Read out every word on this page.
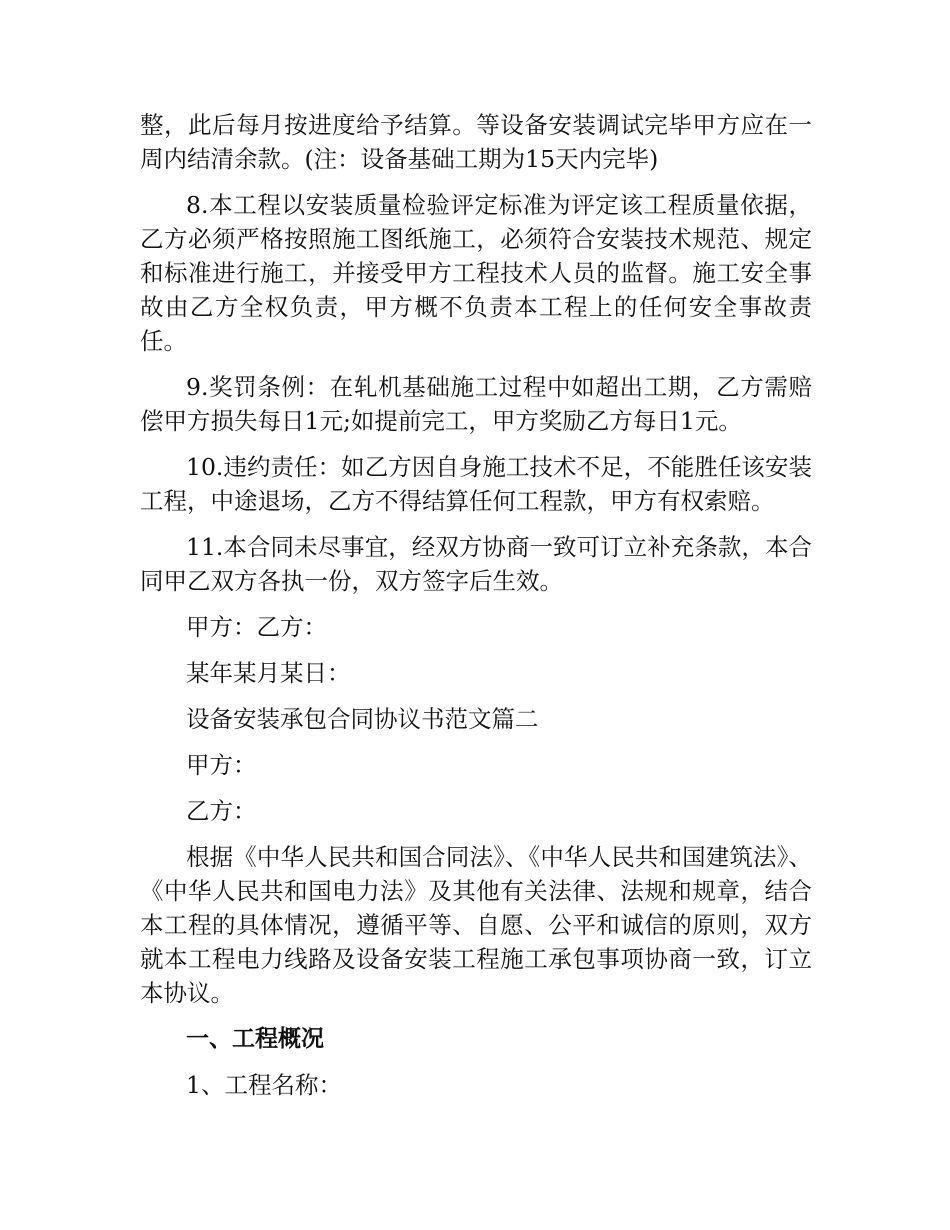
整，此后每月按进度给予结算。等设备安装调试完毕甲方应在一周内结清余款。(注：设备基础工期为15天内完毕)

8.本工程以安装质量检验评定标准为评定该工程质量依据，乙方必须严格按照施工图纸施工，必须符合安装技术规范、规定和标准进行施工，并接受甲方工程技术人员的监督。施工安全事故由乙方全权负责，甲方概不负责本工程上的任何安全事故责任。

9.奖罚条例：在轧机基础施工过程中如超出工期，乙方需赔偿甲方损失每日1元;如提前完工，甲方奖励乙方每日1元。

10.违约责任：如乙方因自身施工技术不足，不能胜任该安装工程，中途退场，乙方不得结算任何工程款，甲方有权索赔。

11.本合同未尽事宜，经双方协商一致可订立补充条款，本合同甲乙双方各执一份，双方签字后生效。

甲方：乙方：

某年某月某日：

设备安装承包合同协议书范文篇二

甲方：

乙方：

根据《中华人民共和国合同法》、《中华人民共和国建筑法》、《中华人民共和国电力法》及其他有关法律、法规和规章，结合本工程的具体情况，遵循平等、自愿、公平和诚信的原则，双方就本工程电力线路及设备安装工程施工承包事项协商一致，订立本协议。

一、工程概况

1、工程名称：
